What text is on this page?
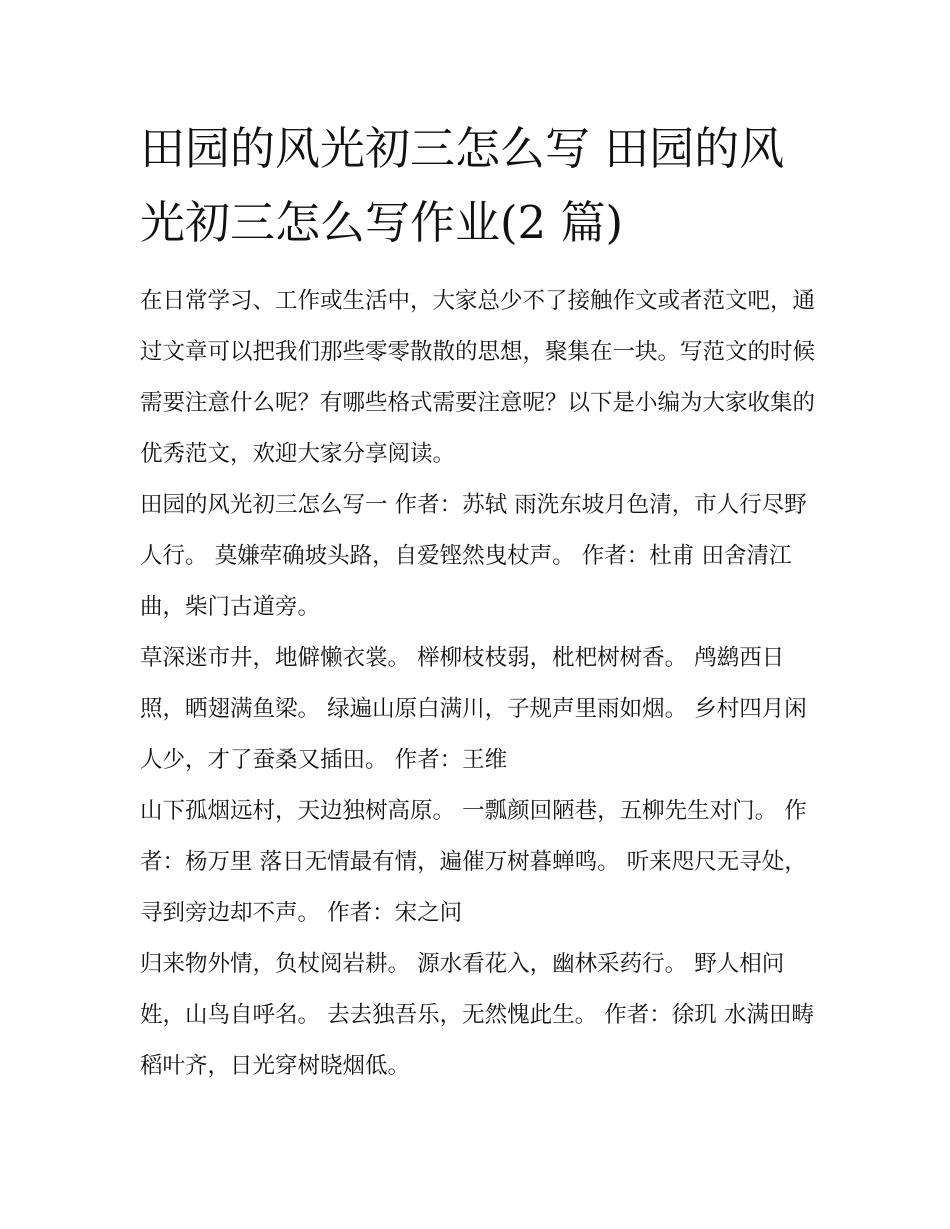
田园的风光初三怎么写 田园的风光初三怎么写作业(2 篇)

在日常学习、工作或生活中，大家总少不了接触作文或者范文吧，通过文章可以把我们那些零零散散的思想，聚集在一块。写范文的时候需要注意什么呢？有哪些格式需要注意呢？以下是小编为大家收集的优秀范文，欢迎大家分享阅读。

田园的风光初三怎么写一 作者：苏轼 雨洗东坡月色清，市人行尽野人行。 莫嫌荦确坡头路，自爱铿然曳杖声。 作者：杜甫 田舍清江曲，柴门古道旁。

草深迷市井，地僻懒衣裳。 榉柳枝枝弱，枇杷树树香。 鸬鹚西日照，晒翅满鱼梁。 绿遍山原白满川，子规声里雨如烟。 乡村四月闲人少，才了蚕桑又插田。 作者：王维

山下孤烟远村，天边独树高原。 一瓢颜回陋巷，五柳先生对门。 作者：杨万里 落日无情最有情，遍催万树暮蝉鸣。 听来咫尺无寻处，寻到旁边却不声。 作者：宋之问

归来物外情，负杖阅岩耕。 源水看花入，幽林采药行。 野人相问姓，山鸟自呼名。 去去独吾乐，无然愧此生。 作者：徐玑 水满田畴稻叶齐，日光穿树晓烟低。
